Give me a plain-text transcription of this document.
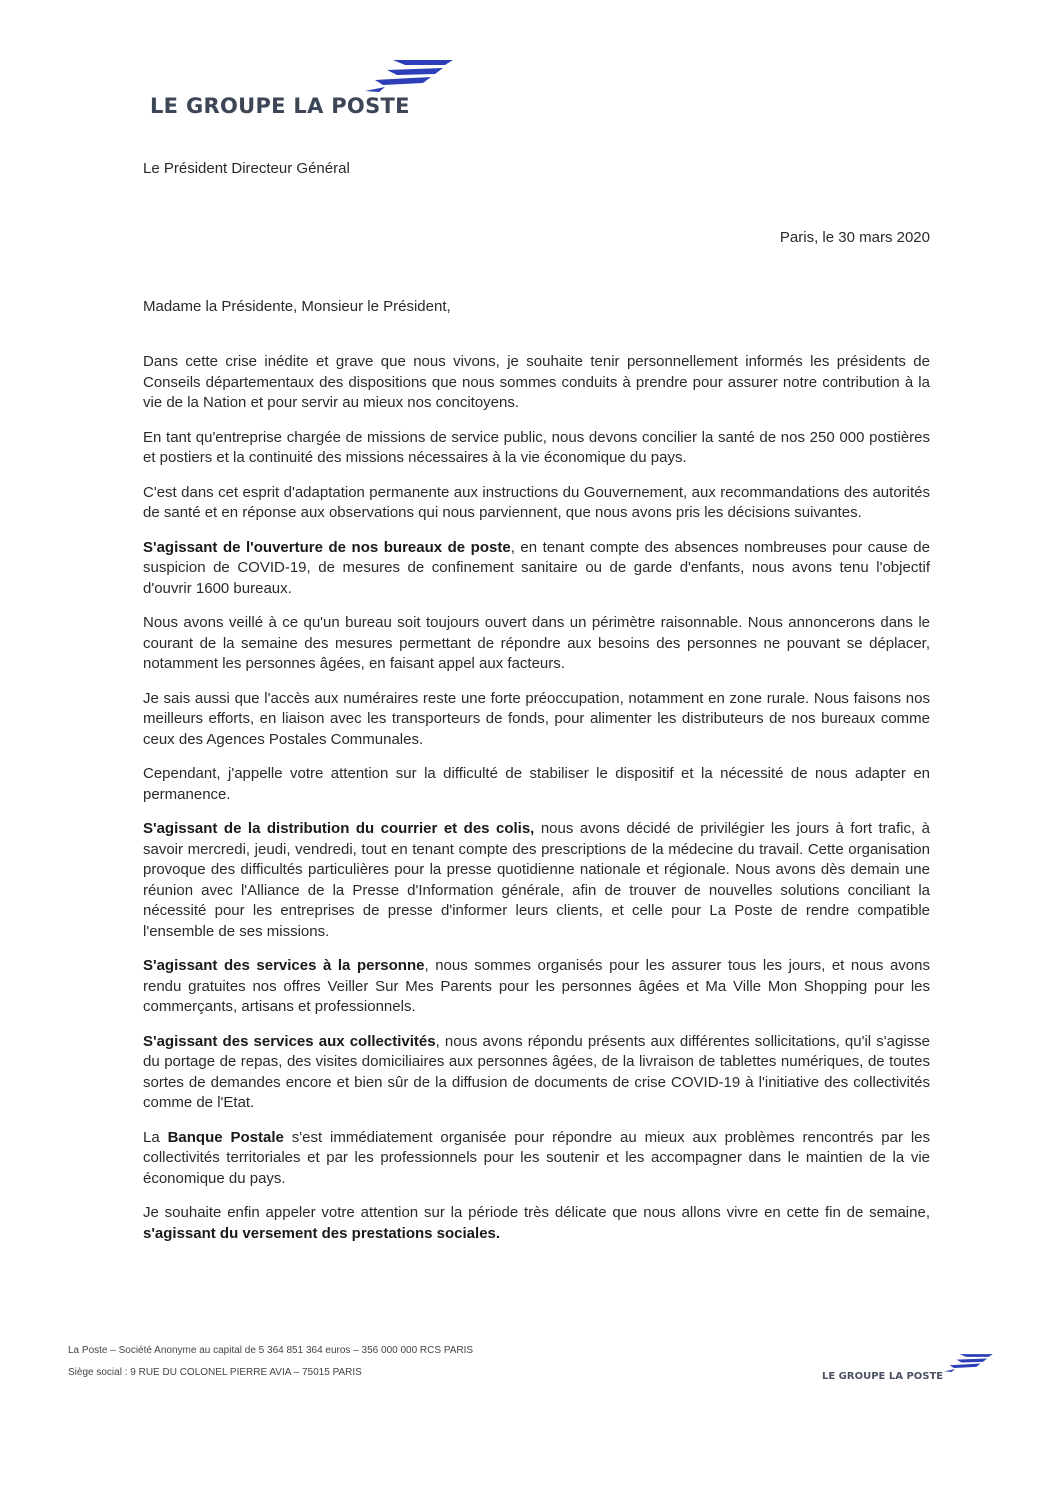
LE GROUPE LA POSTE
Le Président Directeur Général
Paris, le 30 mars 2020
Madame la Présidente, Monsieur le Président,

Dans cette crise inédite et grave que nous vivons, je souhaite tenir personnellement informés les présidents de Conseils départementaux des dispositions que nous sommes conduits à prendre pour assurer notre contribution à la vie de la Nation et pour servir au mieux nos concitoyens.

En tant qu'entreprise chargée de missions de service public, nous devons concilier la santé de nos 250 000 postières et postiers et la continuité des missions nécessaires à la vie économique du pays.

C'est dans cet esprit d'adaptation permanente aux instructions du Gouvernement, aux recommandations des autorités de santé et en réponse aux observations qui nous parviennent, que nous avons pris les décisions suivantes.

S'agissant de l'ouverture de nos bureaux de poste, en tenant compte des absences nombreuses pour cause de suspicion de COVID-19, de mesures de confinement sanitaire ou de garde d'enfants, nous avons tenu l'objectif d'ouvrir 1600 bureaux.

Nous avons veillé à ce qu'un bureau soit toujours ouvert dans un périmètre raisonnable. Nous annoncerons dans le courant de la semaine des mesures permettant de répondre aux besoins des personnes ne pouvant se déplacer, notamment les personnes âgées, en faisant appel aux facteurs.

Je sais aussi que l'accès aux numéraires reste une forte préoccupation, notamment en zone rurale. Nous faisons nos meilleurs efforts, en liaison avec les transporteurs de fonds, pour alimenter les distributeurs de nos bureaux comme ceux des Agences Postales Communales.

Cependant, j'appelle votre attention sur la difficulté de stabiliser le dispositif et la nécessité de nous adapter en permanence.

S'agissant de la distribution du courrier et des colis, nous avons décidé de privilégier les jours à fort trafic, à savoir mercredi, jeudi, vendredi, tout en tenant compte des prescriptions de la médecine du travail. Cette organisation provoque des difficultés particulières pour la presse quotidienne nationale et régionale. Nous avons dès demain une réunion avec l'Alliance de la Presse d'Information générale, afin de trouver de nouvelles solutions conciliant la nécessité pour les entreprises de presse d'informer leurs clients, et celle pour La Poste de rendre compatible l'ensemble de ses missions.

S'agissant des services à la personne, nous sommes organisés pour les assurer tous les jours, et nous avons rendu gratuites nos offres Veiller Sur Mes Parents pour les personnes âgées et Ma Ville Mon Shopping pour les commerçants, artisans et professionnels.

S'agissant des services aux collectivités, nous avons répondu présents aux différentes sollicitations, qu'il s'agisse du portage de repas, des visites domiciliaires aux personnes âgées, de la livraison de tablettes numériques, de toutes sortes de demandes encore et bien sûr de la diffusion de documents de crise COVID-19 à l'initiative des collectivités comme de l'Etat.

La Banque Postale s'est immédiatement organisée pour répondre au mieux aux problèmes rencontrés par les collectivités territoriales et par les professionnels pour les soutenir et les accompagner dans le maintien de la vie économique du pays.

Je souhaite enfin appeler votre attention sur la période très délicate que nous allons vivre en cette fin de semaine, s'agissant du versement des prestations sociales.

La Poste – Société Anonyme au capital de 5 364 851 364 euros – 356 000 000 RCS PARIS
Siège social : 9 RUE DU COLONEL PIERRE AVIA – 75015 PARIS	LE GROUPE LA POSTE
